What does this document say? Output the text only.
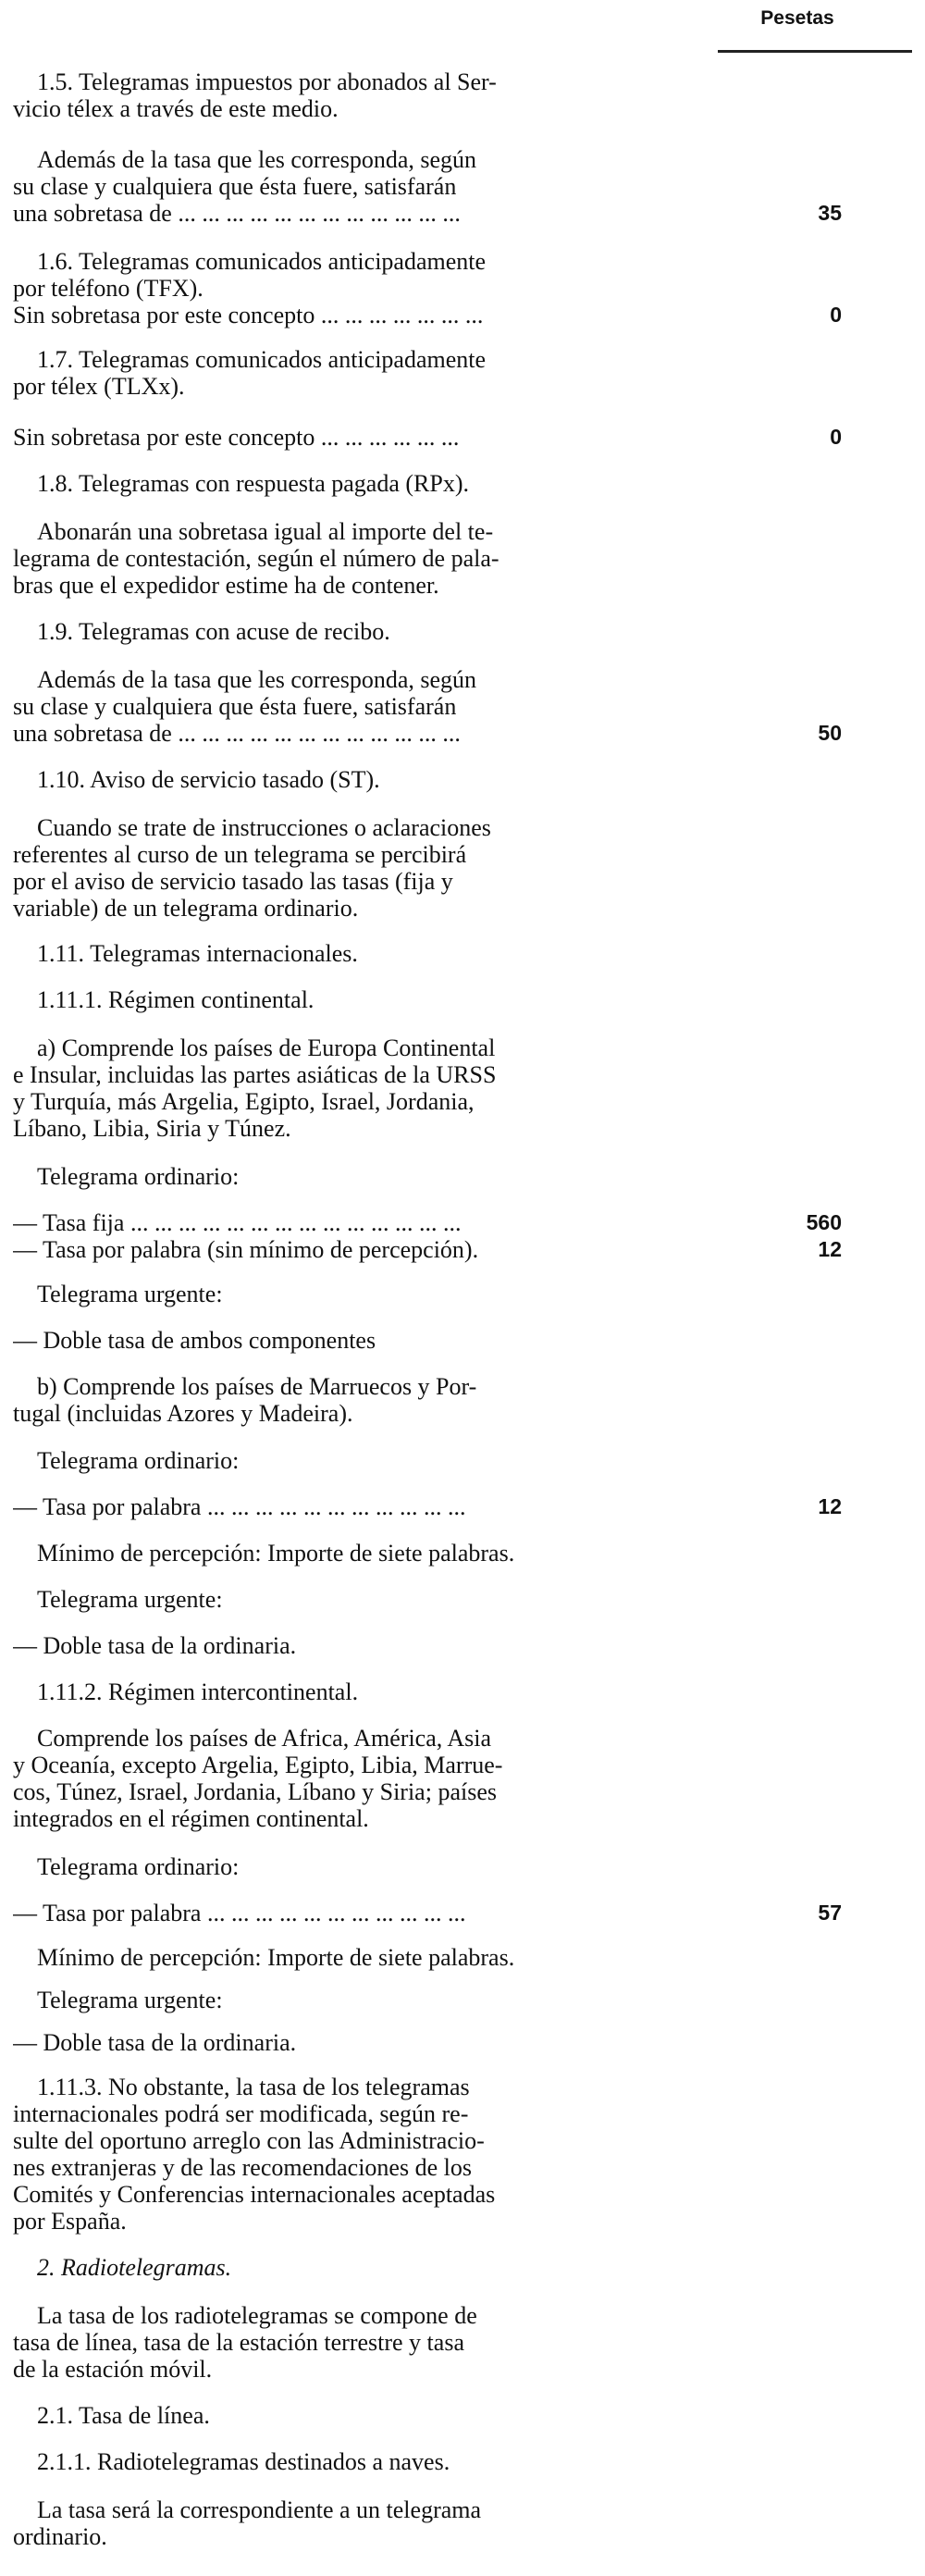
Pesetas
1.5. Telegramas impuestos por abonados al Ser-
vicio télex a través de este medio.
Además de la tasa que les corresponda, según
su clase y cualquiera que ésta fuere, satisfarán
una sobretasa de ... ... ... ... ... ... ... ... ... ... ... ...	35
1.6. Telegramas comunicados anticipadamente
por teléfono (TFX).
Sin sobretasa por este concepto ... ... ... ... ... ... ...	0
1.7. Telegramas comunicados anticipadamente
por télex (TLXx).
Sin sobretasa por este concepto ... ... ... ... ... ...	0
1.8. Telegramas con respuesta pagada (RPx).
Abonarán una sobretasa igual al importe del te-
legrama de contestación, según el número de pala-
bras que el expedidor estime ha de contener.
1.9. Telegramas con acuse de recibo.
Además de la tasa que les corresponda, según
su clase y cualquiera que ésta fuere, satisfarán
una sobretasa de ... ... ... ... ... ... ... ... ... ... ... ...	50
1.10. Aviso de servicio tasado (ST).
Cuando se trate de instrucciones o aclaraciones
referentes al curso de un telegrama se percibirá
por el aviso de servicio tasado las tasas (fija y
variable) de un telegrama ordinario.
1.11. Telegramas internacionales.
1.11.1. Régimen continental.
a) Comprende los países de Europa Continental
e Insular, incluidas las partes asiáticas de la URSS
y Turquía, más Argelia, Egipto, Israel, Jordania,
Líbano, Libia, Siria y Túnez.
Telegrama ordinario:
— Tasa fija ... ... ... ... ... ... ... ... ... ... ... ... ... ...	560
— Tasa por palabra (sin mínimo de percepción).	12
Telegrama urgente:
— Doble tasa de ambos componentes
b) Comprende los países de Marruecos y Por-
tugal (incluidas Azores y Madeira).
Telegrama ordinario:
— Tasa por palabra ... ... ... ... ... ... ... ... ... ... ...	12
Mínimo de percepción: Importe de siete palabras.
Telegrama urgente:
— Doble tasa de la ordinaria.
1.11.2. Régimen intercontinental.
Comprende los países de Africa, América, Asia
y Oceanía, excepto Argelia, Egipto, Libia, Marrue-
cos, Túnez, Israel, Jordania, Líbano y Siria; países
integrados en el régimen continental.
Telegrama ordinario:
— Tasa por palabra ... ... ... ... ... ... ... ... ... ... ...	57
Mínimo de percepción: Importe de siete palabras.
Telegrama urgente:
— Doble tasa de la ordinaria.
1.11.3. No obstante, la tasa de los telegramas
internacionales podrá ser modificada, según re-
sulte del oportuno arreglo con las Administracio-
nes extranjeras y de las recomendaciones de los
Comités y Conferencias internacionales aceptadas
por España.
2. Radiotelegramas.
La tasa de los radiotelegramas se compone de
tasa de línea, tasa de la estación terrestre y tasa
de la estación móvil.
2.1. Tasa de línea.
2.1.1. Radiotelegramas destinados a naves.
La tasa será la correspondiente a un telegrama
ordinario.
